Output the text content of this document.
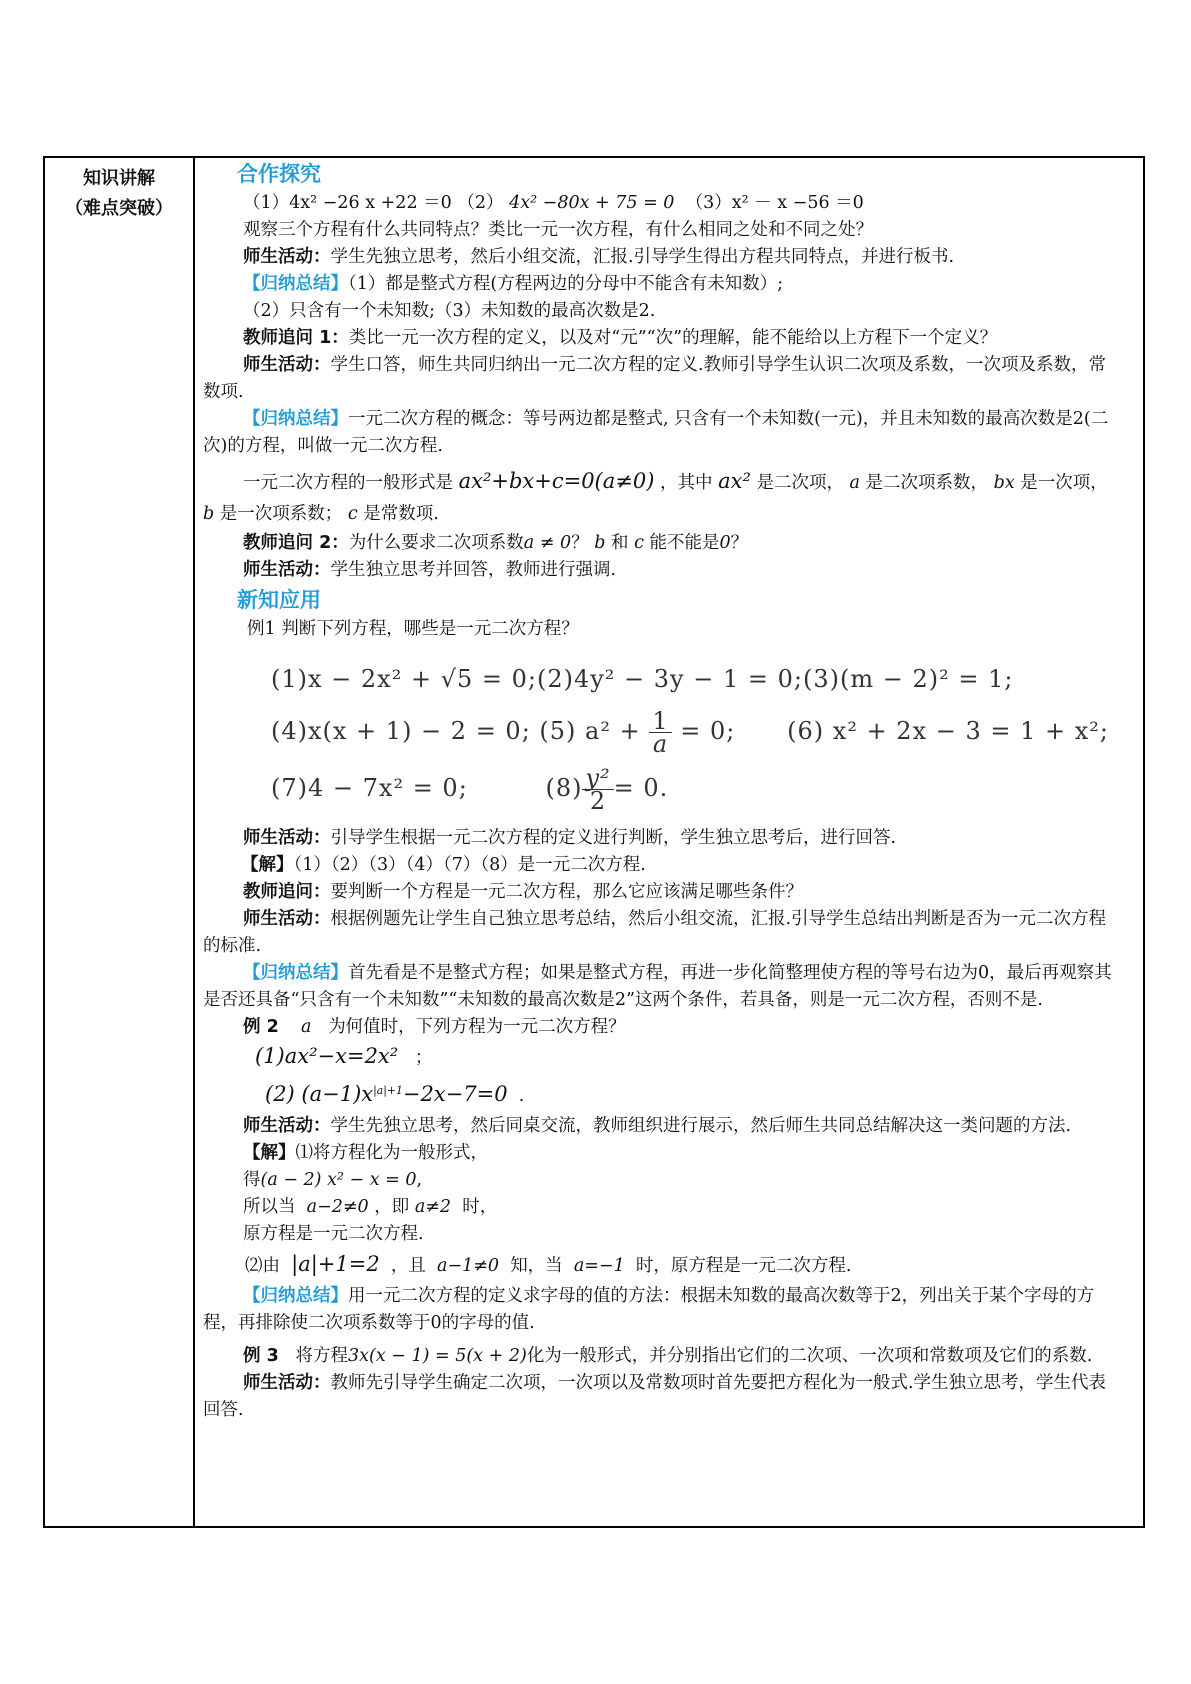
知识讲解
（难点突破）
合作探究

（1）4x² −26 x +22 ＝0 （2） 4x² −80x + 75 = 0 （3）x² － x −56 ＝0

观察三个方程有什么共同特点？类比一元一次方程，有什么相同之处和不同之处？

师生活动：学生先独立思考，然后小组交流，汇报.引导学生得出方程共同特点，并进行板书.

【归纳总结】（1）都是整式方程(方程两边的分母中不能含有未知数）;

（2）只含有一个未知数;（3）未知数的最高次数是2.

教师追问 1：类比一元一次方程的定义，以及对“元”“次”的理解，能不能给以上方程下一个定义？

师生活动：学生口答，师生共同归纳出一元二次方程的定义.教师引导学生认识二次项及系数，一次项及系数，常数项.

【归纳总结】一元二次方程的概念：等号两边都是整式, 只含有一个未知数(一元)，并且未知数的最高次数是2(二次)的方程，叫做一元二次方程.

一元二次方程的一般形式是 ax²+bx+c=0(a≠0) ，其中 ax² 是二次项， a 是二次项系数， bx 是一次项， b 是一次项系数； c 是常数项.

教师追问 2：为什么要求二次项系数a ≠ 0？ b 和 c 能不能是0？

师生活动：学生独立思考并回答，教师进行强调.

新知应用

例1 判断下列方程，哪些是一元二次方程？

(1)x − 2x² + √5 = 0;(2)4y² − 3y − 1 = 0;(3)(m − 2)² = 1;
(4)x(x + 1) − 2 = 0; (5) $a^2 + \frac{1}{a} = 0$; (6) x² + 2x − 3 = 1 + x²;
(7)4 − 7x² = 0;	$(8) \frac{\text{y²}}{2} = 0$.

师生活动：引导学生根据一元二次方程的定义进行判断，学生独立思考后，进行回答.

【解】（1）（2）（3）（4）（7）（8）是一元二次方程.

教师追问：要判断一个方程是一元二次方程，那么它应该满足哪些条件？

师生活动：根据例题先让学生自己独立思考总结，然后小组交流，汇报.引导学生总结出判断是否为一元二次方程的标准.

【归纳总结】首先看是不是整式方程；如果是整式方程，再进一步化简整理使方程的等号右边为0，最后再观察其是否还具备“只含有一个未知数”“未知数的最高次数是2”这两个条件，若具备，则是一元二次方程，否则不是.

例 2 a 为何值时，下列方程为一元二次方程？

(1)ax²−x=2x² ；

(2) $(a-1)x^{|a|+1}-2x-7=0$ .

师生活动：学生先独立思考，然后同桌交流，教师组织进行展示，然后师生共同总结解决这一类问题的方法.

【解】⑴将方程化为一般形式，

得(a − 2) x² − x = 0,

所以当 a−2≠0 ，即 a≠2 时，

原方程是一元二次方程.

⑵由 |a|+1=2 ，且 a−1≠0 知，当 a=−1 时，原方程是一元二次方程.

【归纳总结】用一元二次方程的定义求字母的值的方法：根据未知数的最高次数等于2，列出关于某个字母的方程，再排除使二次项系数等于0的字母的值.

例 3 将方程3x(x − 1) = 5(x + 2)化为一般形式，并分别指出它们的二次项、一次项和常数项及它们的系数.

师生活动：教师先引导学生确定二次项，一次项以及常数项时首先要把方程化为一般式.学生独立思考，学生代表回答.
